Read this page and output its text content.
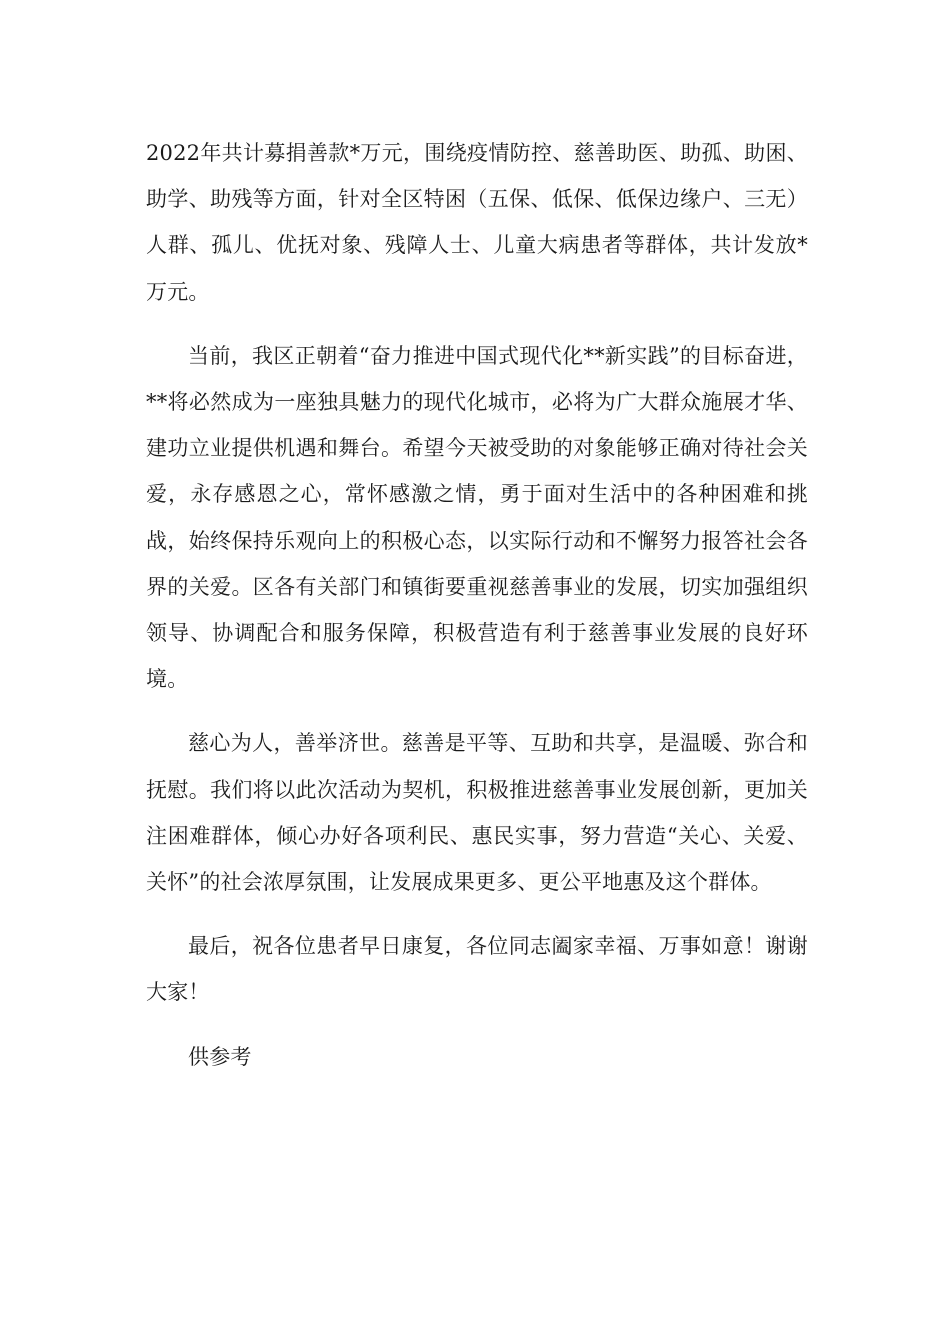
2022年共计募捐善款*万元，围绕疫情防控、慈善助医、助孤、助困、助学、助残等方面，针对全区特困（五保、低保、低保边缘户、三无）人群、孤儿、优抚对象、残障人士、儿童大病患者等群体，共计发放*万元。

当前，我区正朝着“奋力推进中国式现代化**新实践”的目标奋进，**将必然成为一座独具魅力的现代化城市，必将为广大群众施展才华、建功立业提供机遇和舞台。希望今天被受助的对象能够正确对待社会关爱，永存感恩之心，常怀感激之情，勇于面对生活中的各种困难和挑战，始终保持乐观向上的积极心态，以实际行动和不懈努力报答社会各界的关爱。区各有关部门和镇街要重视慈善事业的发展，切实加强组织领导、协调配合和服务保障，积极营造有利于慈善事业发展的良好环境。

慈心为人，善举济世。慈善是平等、互助和共享，是温暖、弥合和抚慰。我们将以此次活动为契机，积极推进慈善事业发展创新，更加关注困难群体，倾心办好各项利民、惠民实事，努力营造“关心、关爱、关怀”的社会浓厚氛围，让发展成果更多、更公平地惠及这个群体。

最后，祝各位患者早日康复，各位同志阖家幸福、万事如意！谢谢大家！

供参考
